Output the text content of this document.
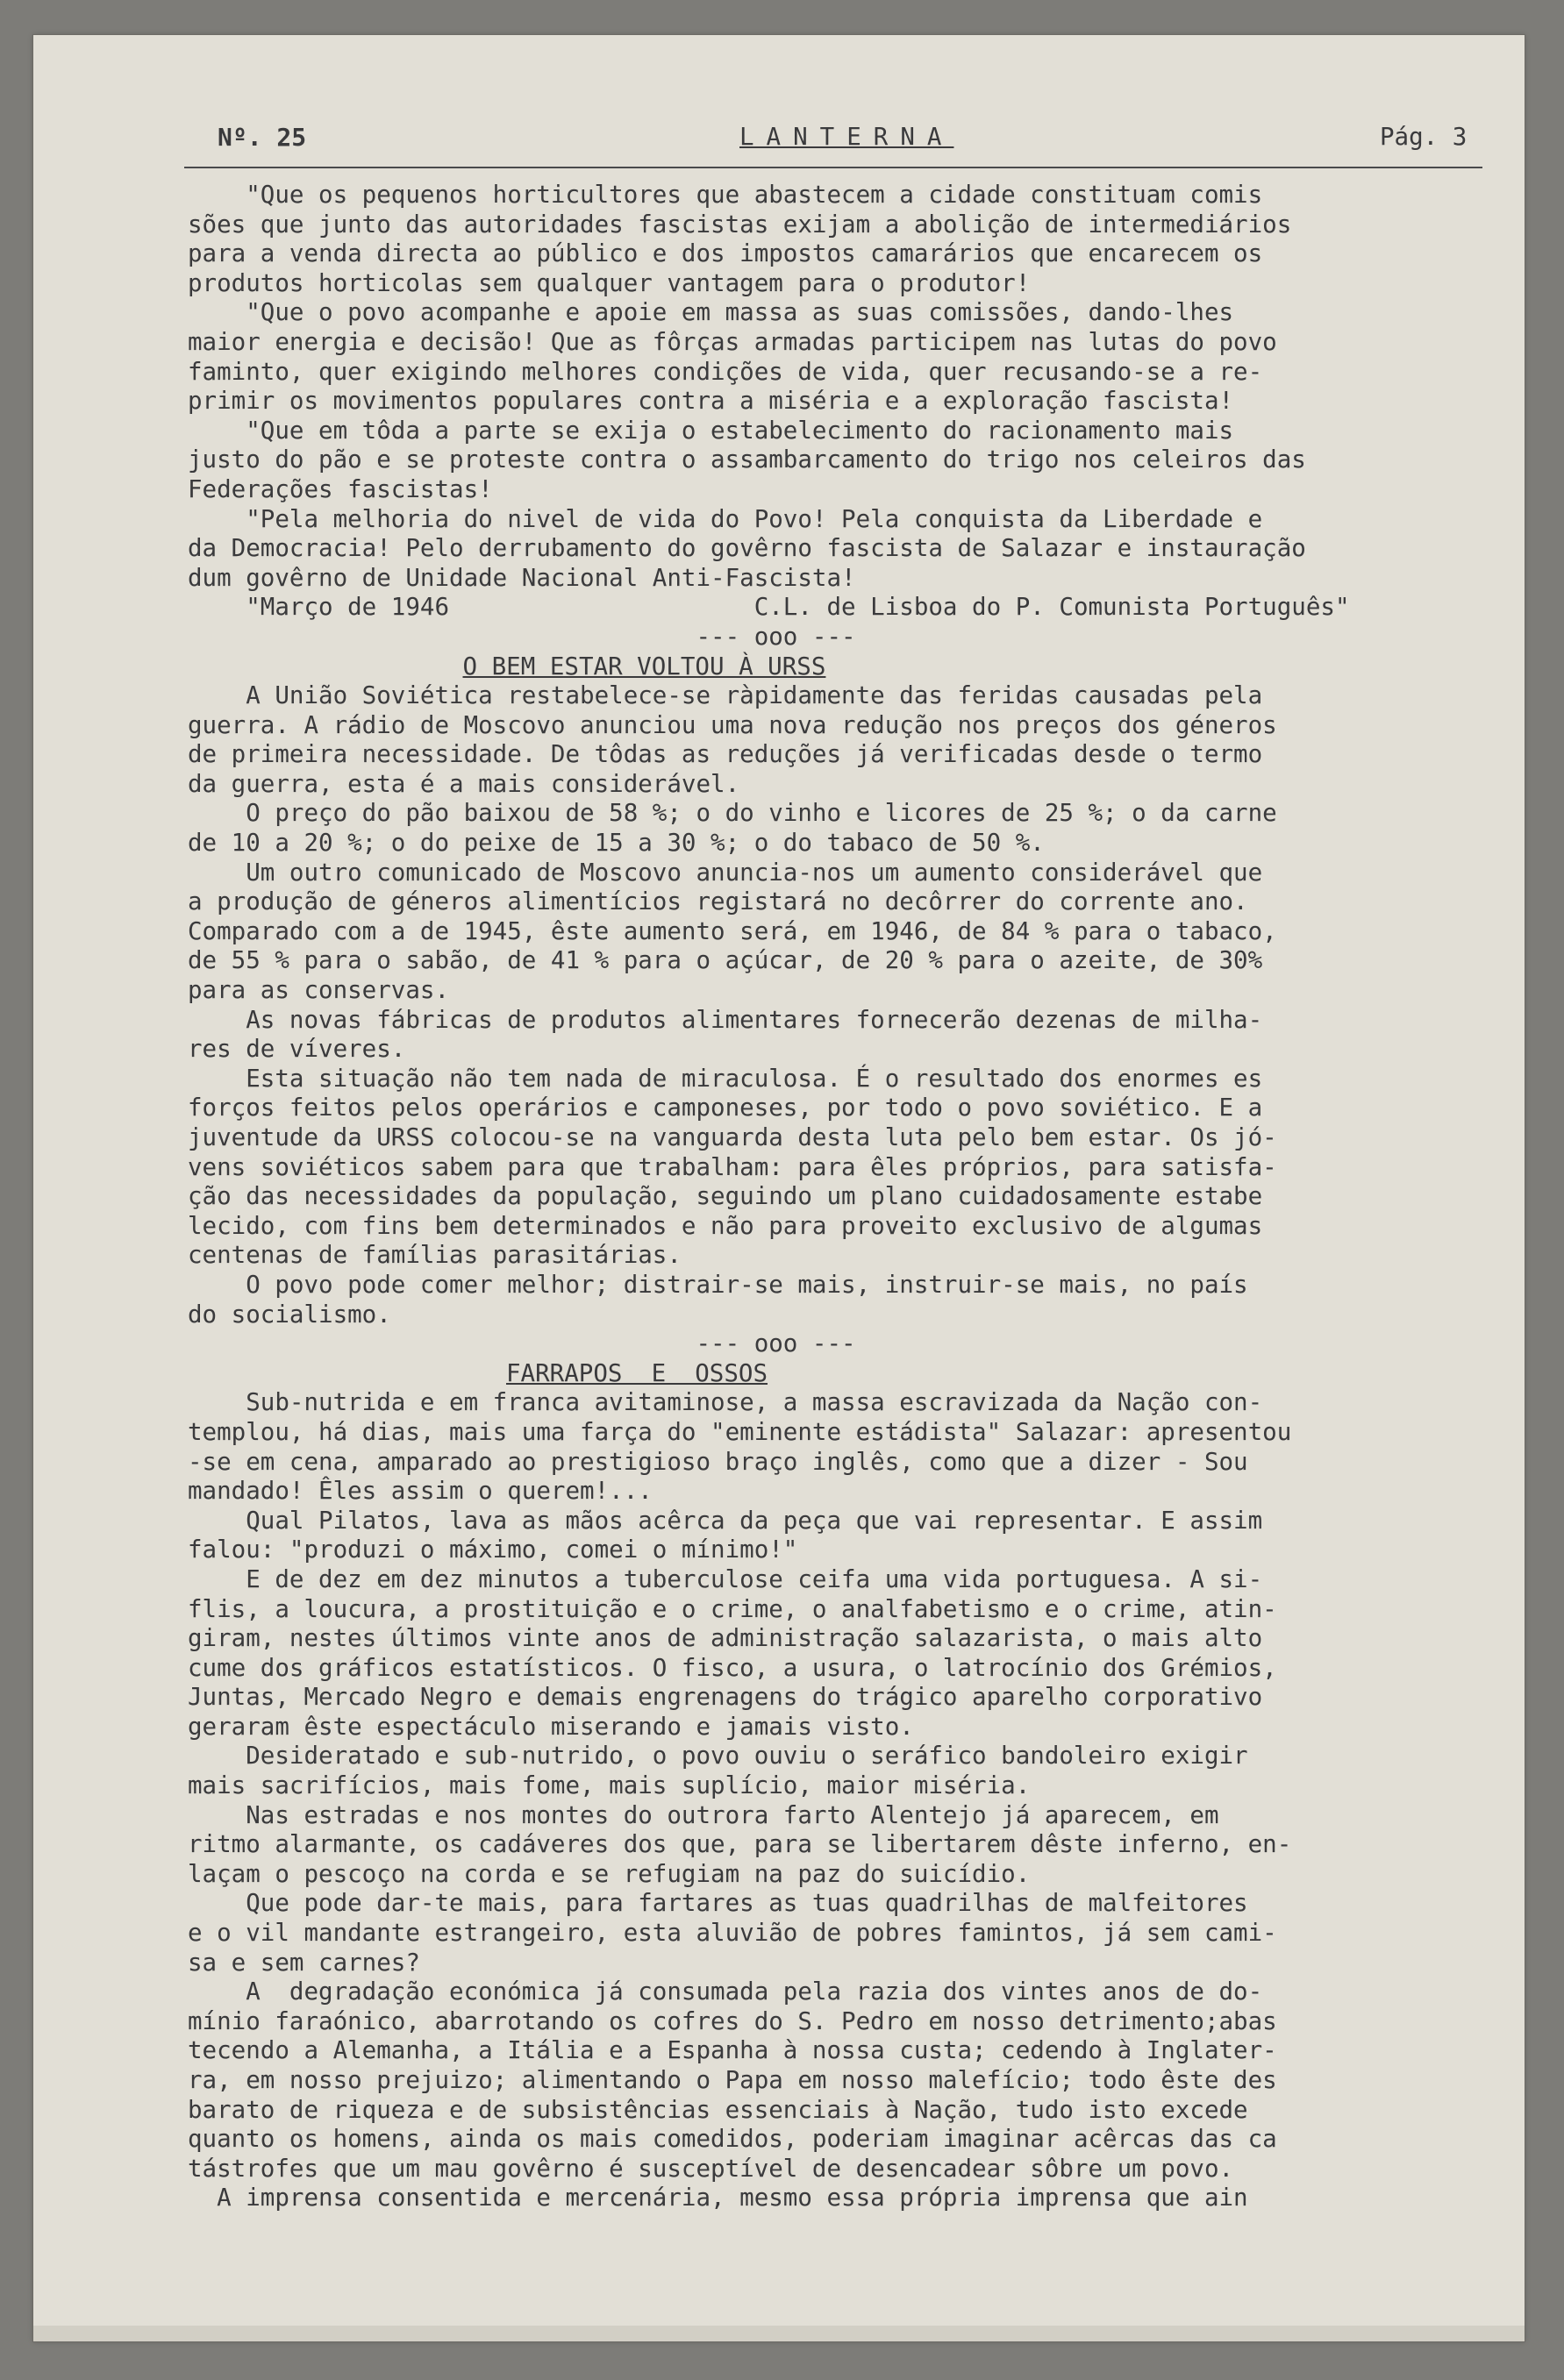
Nº. 25	LANTERNA	Pág. 3
"Que os pequenos horticultores que abastecem a cidade constituam comis
sões que junto das autoridades fascistas exijam a abolição de intermediários
para a venda directa ao público e dos impostos camarários que encarecem os
produtos horticolas sem qualquer vantagem para o produtor!
"Que o povo acompanhe e apoie em massa as suas comissões, dando-lhes
maior energia e decisão! Que as fôrças armadas participem nas lutas do povo
faminto, quer exigindo melhores condições de vida, quer recusando-se a re-
primir os movimentos populares contra a miséria e a exploração fascista!
"Que em tôda a parte se exija o estabelecimento do racionamento mais
justo do pão e se proteste contra o assambarcamento do trigo nos celeiros das
Federações fascistas!
"Pela melhoria do nivel de vida do Povo! Pela conquista da Liberdade e
da Democracia! Pelo derrubamento do govêrno fascista de Salazar e instauração
dum govêrno de Unidade Nacional Anti-Fascista!
"Março de 1946                     C.L. de Lisboa do P. Comunista Português"
--- ooo ---
O BEM ESTAR VOLTOU À URSS
A União Soviética restabelece-se ràpidamente das feridas causadas pela
guerra. A rádio de Moscovo anunciou uma nova redução nos preços dos géneros
de primeira necessidade. De tôdas as reduções já verificadas desde o termo
da guerra, esta é a mais considerável.
O preço do pão baixou de 58 %; o do vinho e licores de 25 %; o da carne
de 10 a 20 %; o do peixe de 15 a 30 %; o do tabaco de 50 %.
Um outro comunicado de Moscovo anuncia-nos um aumento considerável que
a produção de géneros alimentícios registará no decôrrer do corrente ano.
Comparado com a de 1945, êste aumento será, em 1946, de 84 % para o tabaco,
de 55 % para o sabão, de 41 % para o açúcar, de 20 % para o azeite, de 30%
para as conservas.
As novas fábricas de produtos alimentares fornecerão dezenas de milha-
res de víveres.
Esta situação não tem nada de miraculosa. É o resultado dos enormes es
forços feitos pelos operários e camponeses, por todo o povo soviético. E a
juventude da URSS colocou-se na vanguarda desta luta pelo bem estar. Os jó-
vens soviéticos sabem para que trabalham: para êles próprios, para satisfa-
ção das necessidades da população, seguindo um plano cuidadosamente estabe
lecido, com fins bem determinados e não para proveito exclusivo de algumas
centenas de famílias parasitárias.
O povo pode comer melhor; distrair-se mais, instruir-se mais, no país
do socialismo.
--- ooo ---
FARRAPOS  E  OSSOS
Sub-nutrida e em franca avitaminose, a massa escravizada da Nação con-
templou, há dias, mais uma farça do "eminente estádista" Salazar: apresentou
-se em cena, amparado ao prestigioso braço inglês, como que a dizer - Sou
mandado! Êles assim o querem!...
Qual Pilatos, lava as mãos acêrca da peça que vai representar. E assim
falou: "produzi o máximo, comei o mínimo!"
E de dez em dez minutos a tuberculose ceifa uma vida portuguesa. A si-
flis, a loucura, a prostituição e o crime, o analfabetismo e o crime, atin-
giram, nestes últimos vinte anos de administração salazarista, o mais alto
cume dos gráficos estatísticos. O fisco, a usura, o latrocínio dos Grémios,
Juntas, Mercado Negro e demais engrenagens do trágico aparelho corporativo
geraram êste espectáculo miserando e jamais visto.
Desideratado e sub-nutrido, o povo ouviu o seráfico bandoleiro exigir
mais sacrifícios, mais fome, mais suplício, maior miséria.
Nas estradas e nos montes do outrora farto Alentejo já aparecem, em
ritmo alarmante, os cadáveres dos que, para se libertarem dêste inferno, en-
laçam o pescoço na corda e se refugiam na paz do suicídio.
Que pode dar-te mais, para fartares as tuas quadrilhas de malfeitores
e o vil mandante estrangeiro, esta aluvião de pobres famintos, já sem cami-
sa e sem carnes?
A  degradação económica já consumada pela razia dos vintes anos de do-
mínio faraónico, abarrotando os cofres do S. Pedro em nosso detrimento;abas
tecendo a Alemanha, a Itália e a Espanha à nossa custa; cedendo à Inglater-
ra, em nosso prejuizo; alimentando o Papa em nosso malefício; todo êste des
barato de riqueza e de subsistências essenciais à Nação, tudo isto excede
quanto os homens, ainda os mais comedidos, poderiam imaginar acêrcas das ca
tástrofes que um mau govêrno é susceptível de desencadear sôbre um povo.
A imprensa consentida e mercenária, mesmo essa própria imprensa que ain
